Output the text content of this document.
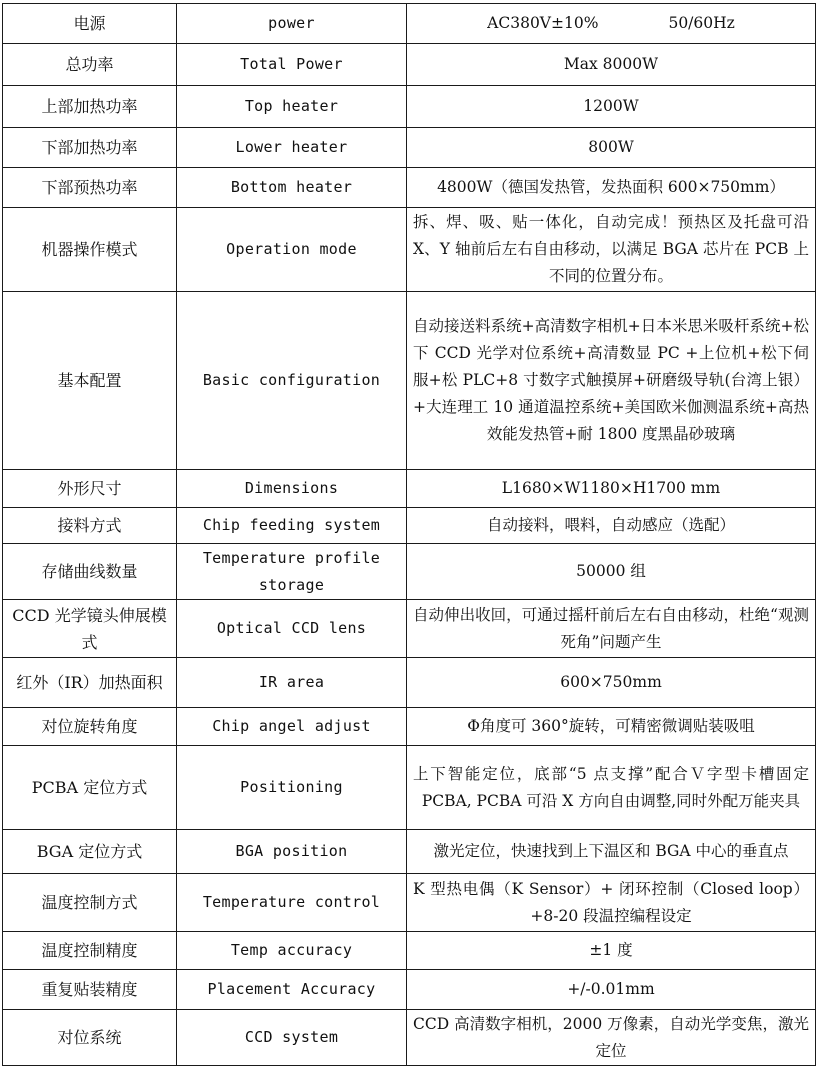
电源	power	AC380V±10% 50/60Hz
总功率	Total Power	Max 8000W
上部加热功率	Top heater	1200W
下部加热功率	Lower heater	800W
下部预热功率	Bottom heater	4800W（德国发热管，发热面积 600×750mm）
机器操作模式	Operation mode	拆、焊、吸、贴一体化，自动完成！预热区及托盘可沿 X、Y 轴前后左右自由移动，以满足 BGA 芯片在 PCB 上不同的位置分布。
基本配置	Basic configuration	自动接送料系统+高清数字相机+日本米思米吸杆系统+松下 CCD 光学对位系统+高清数显 PC +上位机+松下伺服+松 PLC+8 寸数字式触摸屏+研磨级导轨(台湾上银）+大连理工 10 通道温控系统+美国欧米伽测温系统+高热效能发热管+耐 1800 度黑晶砂玻璃
外形尺寸	Dimensions	L1680×W1180×H1700 mm
接料方式	Chip feeding system	自动接料，喂料，自动感应（选配）
存储曲线数量	Temperature profile storage	50000 组
CCD 光学镜头伸展模式	Optical CCD lens	自动伸出收回，可通过摇杆前后左右自由移动，杜绝“观测死角”问题产生
红外（IR）加热面积	IR area	600×750mm
对位旋转角度	Chip angel adjust	Φ角度可 360°旋转，可精密微调贴装吸咀
PCBA 定位方式	Positioning	上下智能定位，底部“5 点支撑”配合Ｖ字型卡槽固定 PCBA, PCBA 可沿 X 方向自由调整,同时外配万能夹具
BGA 定位方式	BGA position	激光定位，快速找到上下温区和 BGA 中心的垂直点
温度控制方式	Temperature control	K 型热电偶（K Sensor）+ 闭环控制（Closed loop）+8-20 段温控编程设定
温度控制精度	Temp accuracy	±1 度
重复贴装精度	Placement Accuracy	+/-0.01mm
对位系统	CCD system	CCD 高清数字相机，2000 万像素，自动光学变焦，激光定位
